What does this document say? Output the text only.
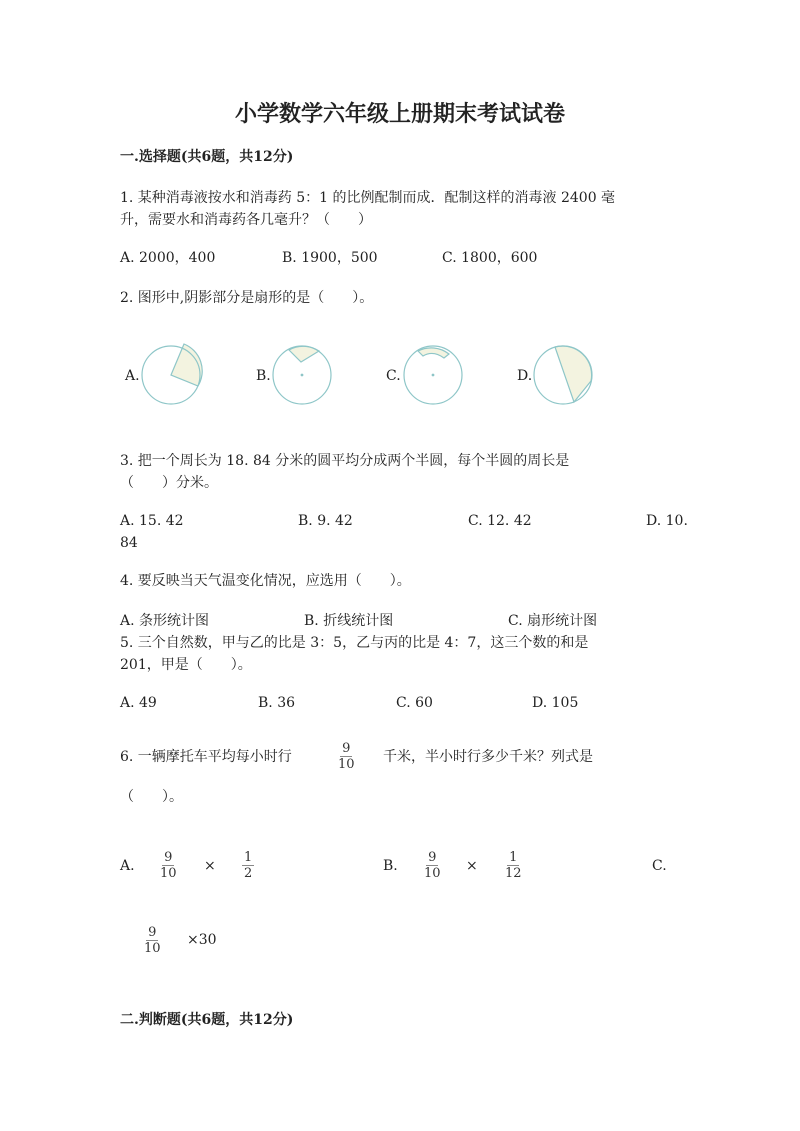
小学数学六年级上册期末考试试卷
一.选择题(共6题，共12分)
1. 某种消毒液按水和消毒药 5：1 的比例配制而成．配制这样的消毒液 2400 毫
升，需要水和消毒药各几毫升？（　　）
A. 2000，400	B. 1900，500	C. 1800，600
2. 图形中,阴影部分是扇形的是（　　）。
A.	B.	C.	D.
3. 把一个周长为 18. 84 分米的圆平均分成两个半圆，每个半圆的周长是
（　　）分米。
A. 15. 42	B. 9. 42	C. 12. 42	D. 10.
84
4. 要反映当天气温变化情况，应选用（　　）。
A. 条形统计图	B. 折线统计图	C. 扇形统计图
5. 三个自然数，甲与乙的比是 3：5，乙与丙的比是 4：7，这三个数的和是
201，甲是（　　）。
A. 49	B. 36	C. 60	D. 105
6. 一辆摩托车平均每小时行	$\frac{9}{10}$ 千米，半小时行多少千米？列式是
（　　）。
A. $\frac{9}{10} \times \frac{1}{2}$	B. $\frac{9}{10} \times \frac{1}{12}$	C.
$\frac{9}{10} \times 30$
二.判断题(共6题，共12分)
